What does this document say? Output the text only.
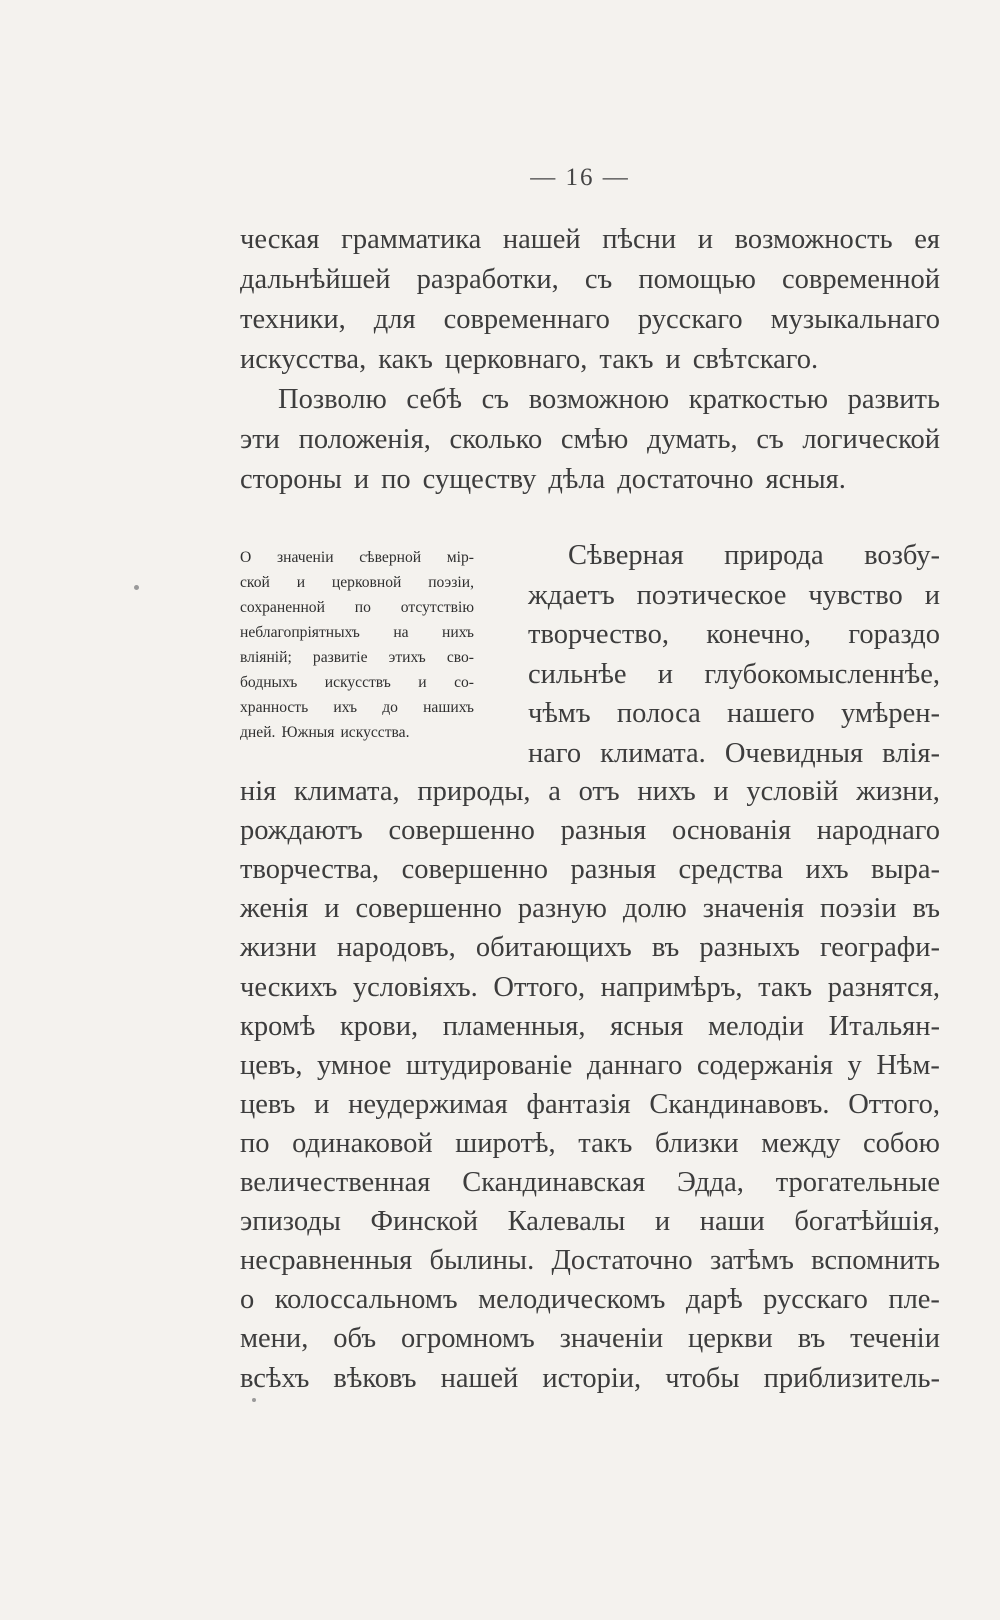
— 16 —
ческая грамматика нашей пѣсни и возможность ея
дальнѣйшей разработки, съ помощью современной
техники, для современнаго русскаго музыкальнаго
искусства, какъ церковнаго, такъ и свѣтскаго.
Позволю себѣ съ возможною краткостью развить
эти положенія, сколько смѣю думать, съ логической
стороны и по существу дѣла достаточно ясныя.
О значеніи сѣверной мір-
ской и церковной поэзіи,
сохраненной по отсутствію
неблагопріятныхъ на нихъ
вліяній; развитіе этихъ сво-
бодныхъ искусствъ и со-
хранность ихъ до нашихъ
дней. Южныя искусства.
Сѣверная природа возбу-
ждаетъ поэтическое чувство и
творчество, конечно, гораздо
сильнѣе и глубокомысленнѣе,
чѣмъ полоса нашего умѣрен-
наго климата. Очевидныя влія-
нія климата, природы, а отъ нихъ и условій жизни,
рождаютъ совершенно разныя основанія народнаго
творчества, совершенно разныя средства ихъ выра-
женія и совершенно разную долю значенія поэзіи въ
жизни народовъ, обитающихъ въ разныхъ географи-
ческихъ условіяхъ. Оттого, напримѣръ, такъ разнятся,
кромѣ крови, пламенныя, ясныя мелодіи Итальян-
цевъ, умное штудированіе даннаго содержанія у Нѣм-
цевъ и неудержимая фантазія Скандинавовъ. Оттого,
по одинаковой широтѣ, такъ близки между собою
величественная Скандинавская Эдда, трогательные
эпизоды Финской Калевалы и наши богатѣйшія,
несравненныя былины. Достаточно затѣмъ вспомнить
о колоссальномъ мелодическомъ дарѣ русскаго пле-
мени, объ огромномъ значеніи церкви въ теченіи
всѣхъ вѣковъ нашей исторіи, чтобы приблизитель-
